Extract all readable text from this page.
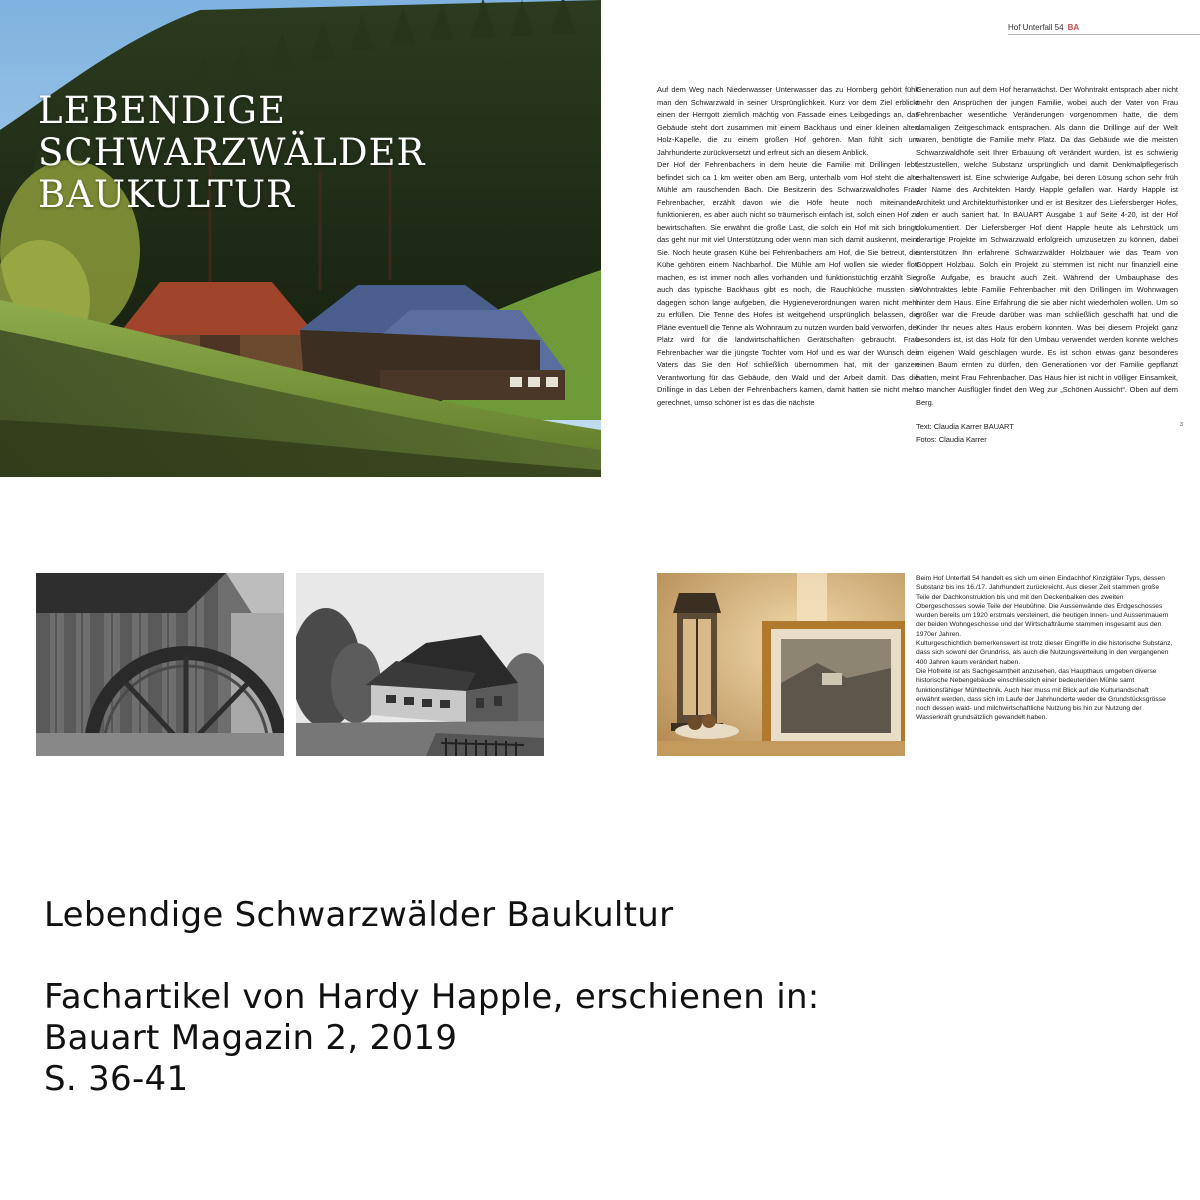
LEBENDIGE
SCHWARZWÄLDER
BAUKULTUR
Hof Unterfall 54 BA
3

Auf dem Weg nach Niederwasser Unterwasser das zu Hornberg gehört fühlt man den Schwarzwald in seiner Ursprünglichkeit. Kurz vor dem Ziel erblickt einen der Herrgott ziemlich mächtig von Fassade eines Leibgedings an, das Gebäude steht dort zusammen mit einem Backhaus und einer kleinen alten Holz-Kapelle, die zu einem großen Hof gehören. Man fühlt sich um Jahrhunderte zurückversetzt und erfreut sich an diesem Anblick.

Der Hof der Fehrenbachers in dem heute die Familie mit Drillingen lebt, befindet sich ca 1 km weiter oben am Berg, unterhalb vom Hof steht die alte Mühle am rauschenden Bach. Die Besitzerin des Schwarzwaldhofes Frau Fehrenbacher, erzählt davon wie die Höfe heute noch miteinander funktionieren, es aber auch nicht so träumerisch einfach ist, solch einen Hof zu bewirtschaften. Sie erwähnt die große Last, die solch ein Hof mit sich bringt, das geht nur mit viel Unterstützung oder wenn man sich damit auskennt, meint Sie. Noch heute grasen Kühe bei Fehrenbachers am Hof, die Sie betreut, die Kühe gehören einem Nachbarhof. Die Mühle am Hof wollen sie wieder flott machen, es ist immer noch alles vorhanden und funktionstüchtig erzählt Sie, auch das typische Backhaus gibt es noch, die Rauchküche mussten sie dagegen schon lange aufgeben, die Hygieneverordnungen waren nicht mehr zu erfüllen. Die Tenne des Hofes ist weitgehend ursprünglich belassen, die Pläne eventuell die Tenne als Wohnraum zu nutzen wurden bald verworfen, der Platz wird für die landwirtschaftlichen Gerätschaften gebraucht. Frau Fehrenbacher war die jüngste Tochter vom Hof und es war der Wunsch des Vaters das Sie den Hof schließlich übernommen hat, mit der ganzen Verantwortung für das Gebäude, den Wald und der Arbeit damit. Das die Drillinge in das Leben der Fehrenbachers kamen, damit hatten sie nicht mehr gerechnet, umso schöner ist es das die nächste

Generation nun auf dem Hof heranwächst. Der Wohntrakt entsprach aber nicht mehr den Ansprüchen der jungen Familie, wobei auch der Vater von Frau Fehrenbacher wesentliche Veränderungen vorgenommen hatte, die dem damaligen Zeitgeschmack entsprachen. Als dann die Drillinge auf der Welt waren, benötigte die Familie mehr Platz. Da das Gebäude wie die meisten Schwarzwaldhöfe seit Ihrer Erbauung oft verändert wurden, ist es schwierig festzustellen, welche Substanz ursprünglich und damit Denkmalpflegerisch erhaltenswert ist. Eine schwierige Aufgabe, bei deren Lösung schon sehr früh der Name des Architekten Hardy Happle gefallen war. Hardy Happle ist Architekt und Architekturhistoriker und er ist Besitzer des Liefersberger Hofes, den er auch saniert hat. In BAUART Ausgabe 1 auf Seite 4-20, ist der Hof dokumentiert. Der Liefersberger Hof dient Happle heute als Lehrstück um derartige Projekte im Schwarzwald erfolgreich umzusetzen zu können, dabei unterstützen Ihn erfahrene Schwarzwälder Holzbauer wie das Team von Göppert Holzbau. Solch ein Projekt zu stemmen ist nicht nur finanziell eine große Aufgabe, es braucht auch Zeit. Während der Umbauphase des Wohntraktes lebte Familie Fehrenbacher mit den Drillingen im Wohnwagen hinter dem Haus. Eine Erfahrung die sie aber nicht wiederholen wollen. Um so größer war die Freude darüber was man schließlich geschafft hat und die Kinder Ihr neues altes Haus erobern konnten. Was bei diesem Projekt ganz besonders ist, ist das Holz für den Umbau verwendet werden konnte welches im eigenen Wald geschlagen wurde. Es ist schon etwas ganz besonderes einen Baum ernten zu dürfen, den Generationen vor der Familie gepflanzt hatten, meint Frau Fehrenbacher. Das Haus hier ist nicht in völliger Einsamkeit, so mancher Ausflügler findet den Weg zur „Schönen Aussicht“. Oben auf dem Berg.

Text: Claudia Karrer BAUART
Fotos: Claudia Karrer

Beim Hof Unterfall 54 handelt es sich um einen Eindachhof Kinzigtäler Typs, dessen Substanz bis ins 16./17. Jahrhundert zurückreicht. Aus dieser Zeit stammen große Teile der Dachkonstruktion bis und mit den Deckenbalken des zweiten Obergeschosses sowie Teile der Heubühne. Die Aussenwände des Erdgeschosses wurden bereits um 1920 erstmals versteinert, die heutigen Innen- und Aussenmauern der beiden Wohngeschosse und der Wirtschafträume stammen insgesamt aus den 1970er Jahren.

Kulturgeschichtlich bemerkenswert ist trotz dieser Eingriffe in die historische Substanz, dass sich sowohl der Grundriss, als auch die Nutzungsverteilung in den vergangenen 400 Jahren kaum verändert haben.

Die Hofreite ist als Sachgesamtheit anzusehen, das Haupthaus umgeben diverse historische Nebengebäude einschliesslich einer bedeutenden Mühle samt funktionsfähiger Mühltechnik. Auch hier muss mit Blick auf die Kulturlandschaft erwähnt werden, dass sich im Laufe der Jahrhunderte weder die Grundstücksgrösse noch dessen wald- und milchwirtschaftliche Nutzung bis hin zur Nutzung der Wasserkraft grundsätzlich gewandelt haben.

Lebendige Schwarzwälder Baukultur
Fachartikel von Hardy Happle, erschienen in:
Bauart Magazin 2, 2019
S. 36-41
